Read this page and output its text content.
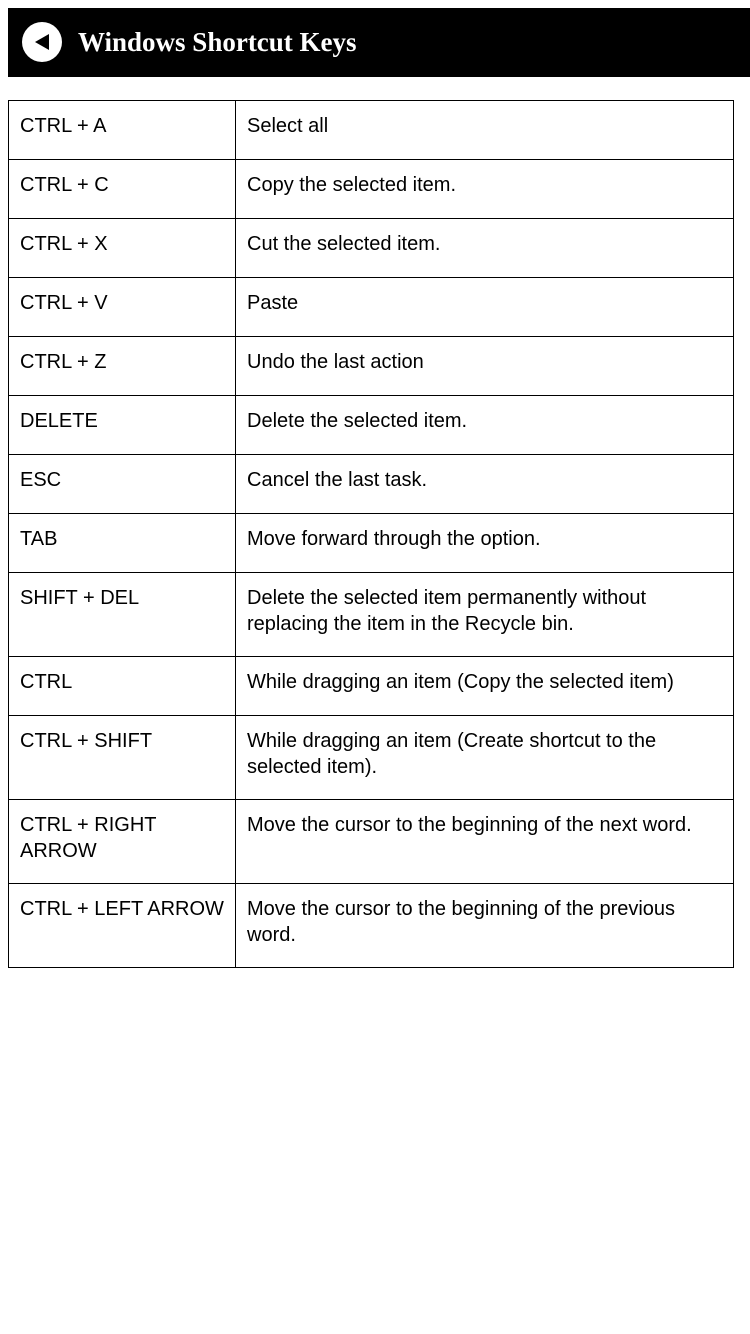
Windows Shortcut Keys
CTRL + A	Select all
CTRL + C	Copy the selected item.
CTRL + X	Cut the selected item.
CTRL + V	Paste
CTRL + Z	Undo the last action
DELETE	Delete the selected item.
ESC	Cancel the last task.
TAB	Move forward through the option.
SHIFT + DEL	Delete the selected item permanently without replacing the item in the Recycle bin.
CTRL	While dragging an item (Copy the selected item)
CTRL + SHIFT	While dragging an item (Create shortcut to the selected item).
CTRL + RIGHT ARROW	Move the cursor to the beginning of the next word.
CTRL + LEFT ARROW	Move the cursor to the beginning of the previous word.
